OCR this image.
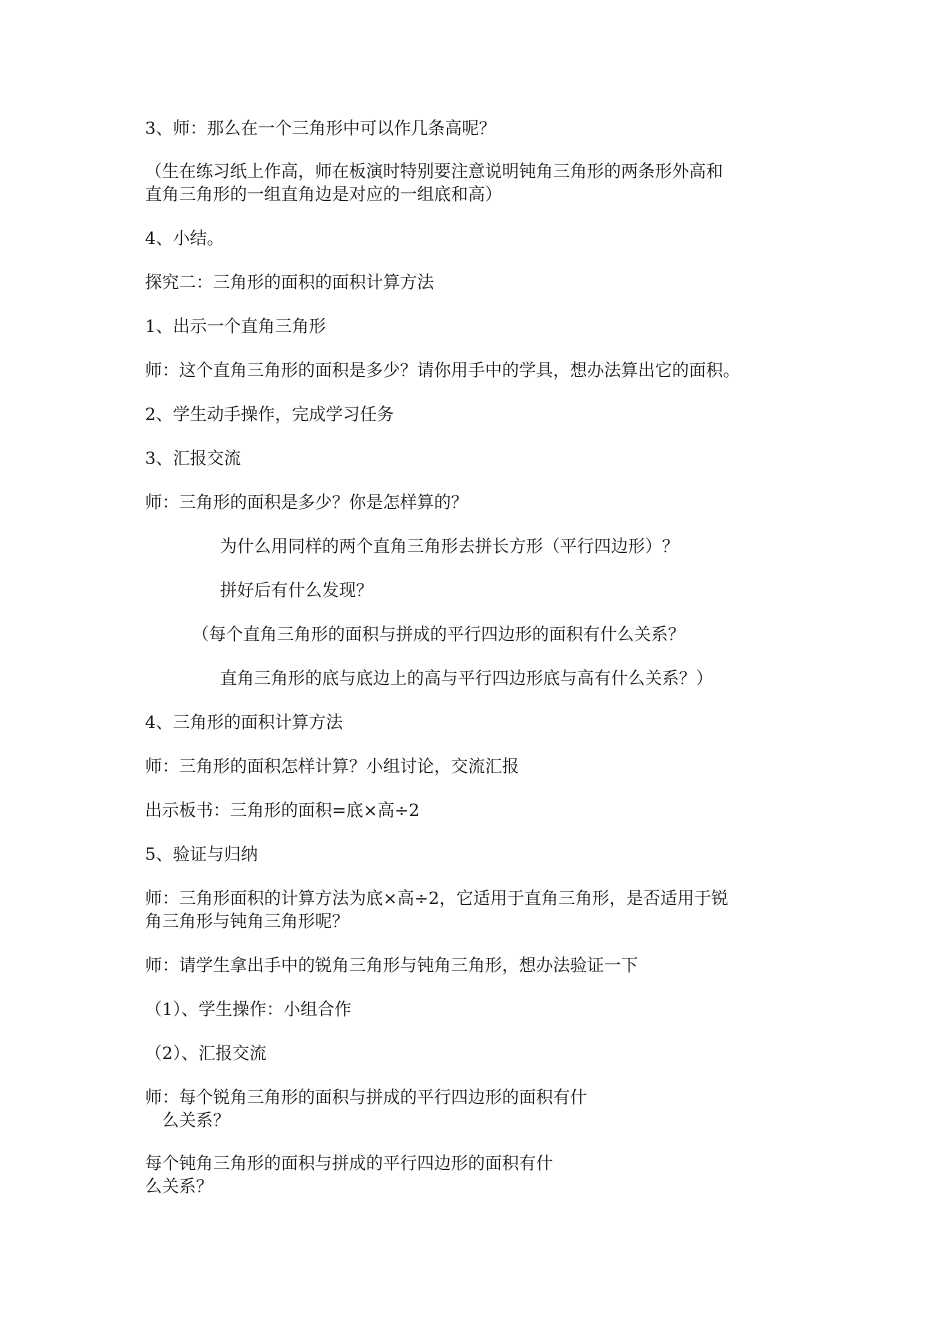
3、师：那么在一个三角形中可以作几条高呢？
（生在练习纸上作高，师在板演时特别要注意说明钝角三角形的两条形外高和
直角三角形的一组直角边是对应的一组底和高）
4、小结。
探究二：三角形的面积的面积计算方法
1、出示一个直角三角形
师：这个直角三角形的面积是多少？请你用手中的学具，想办法算出它的面积。
2、学生动手操作，完成学习任务
3、汇报交流
师：三角形的面积是多少？你是怎样算的？
为什么用同样的两个直角三角形去拼长方形（平行四边形）？
拼好后有什么发现？
（每个直角三角形的面积与拼成的平行四边形的面积有什么关系？
直角三角形的底与底边上的高与平行四边形底与高有什么关系？）
4、三角形的面积计算方法
师：三角形的面积怎样计算？小组讨论，交流汇报
出示板书：三角形的面积=底×高÷2
5、验证与归纳
师：三角形面积的计算方法为底×高÷2，它适用于直角三角形，是否适用于锐
角三角形与钝角三角形呢？
师：请学生拿出手中的锐角三角形与钝角三角形，想办法验证一下
（1）、学生操作：小组合作
（2）、汇报交流
师：每个锐角三角形的面积与拼成的平行四边形的面积有什
么关系？
每个钝角三角形的面积与拼成的平行四边形的面积有什
么关系？
